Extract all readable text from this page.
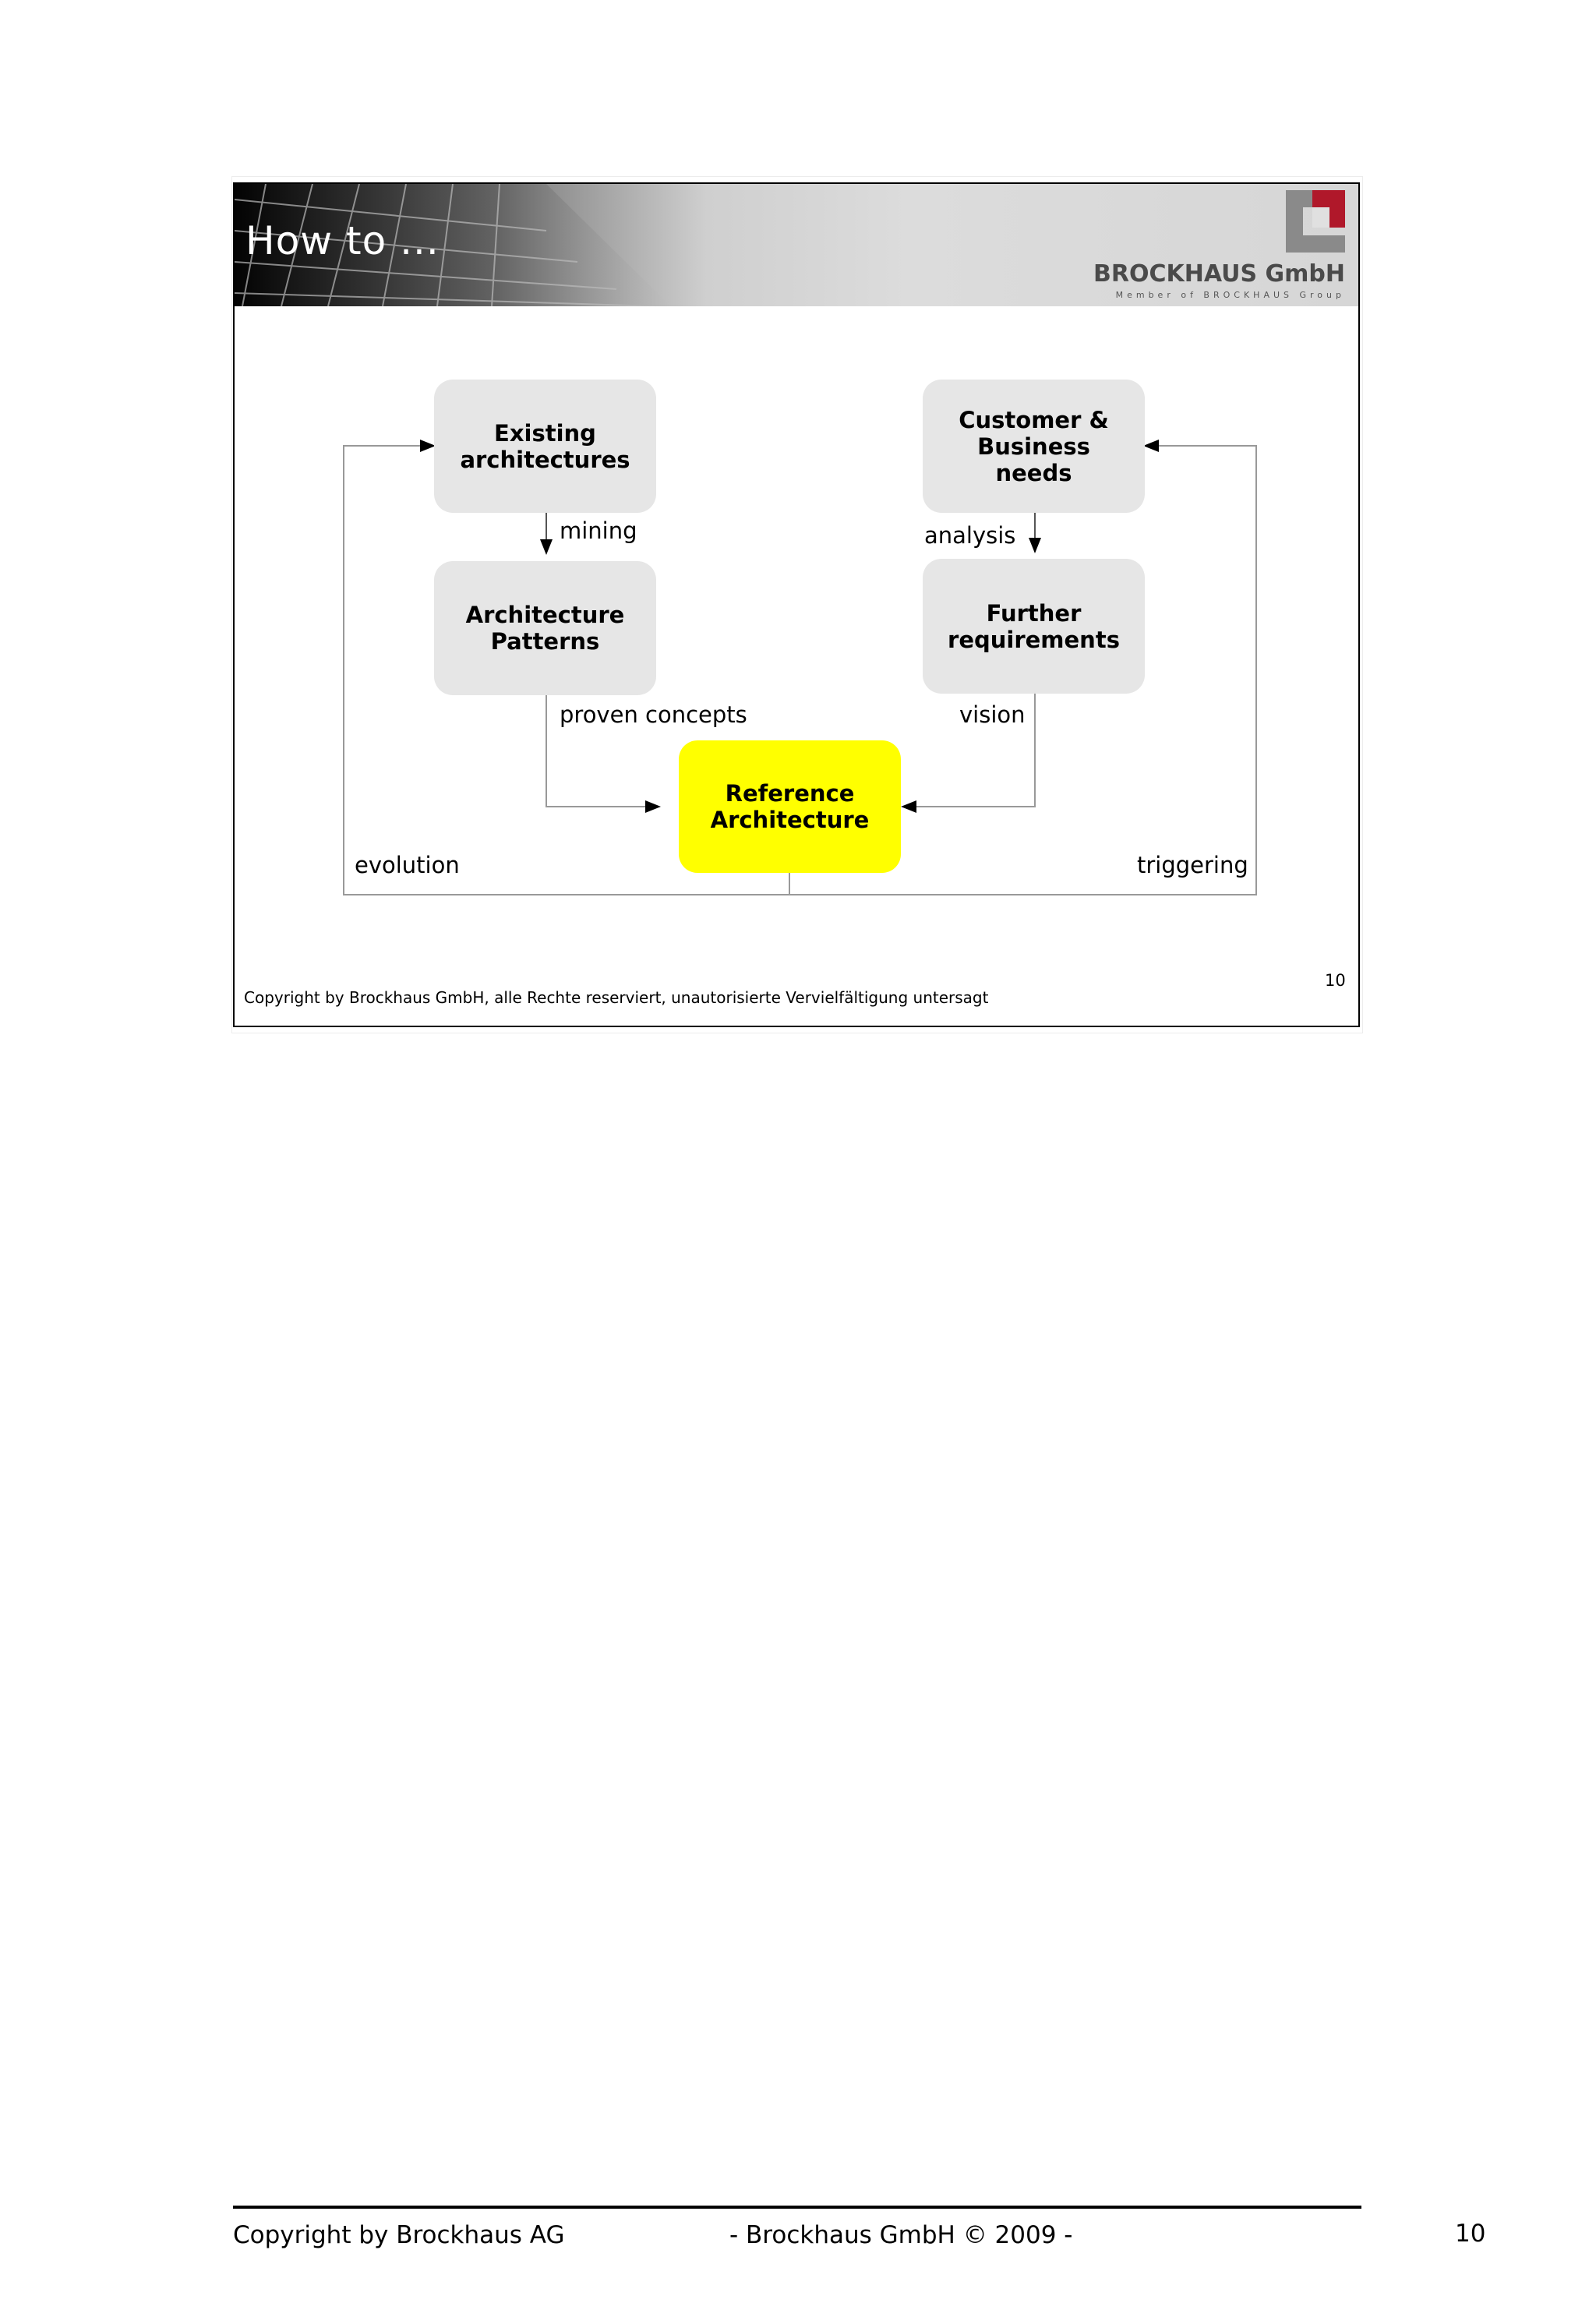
How to ...
BROCKHAUS GmbH
Member of BROCKHAUS Group
Existing
architectures
Customer &
Business
needs
Architecture
Patterns
Further
requirements
Reference
Architecture
mining	analysis
proven concepts	vision
evolution	triggering
10
Copyright by Brockhaus GmbH, alle Rechte reserviert, unautorisierte Vervielfältigung untersagt
Copyright by Brockhaus AG	- Brockhaus GmbH © 2009 -	10
